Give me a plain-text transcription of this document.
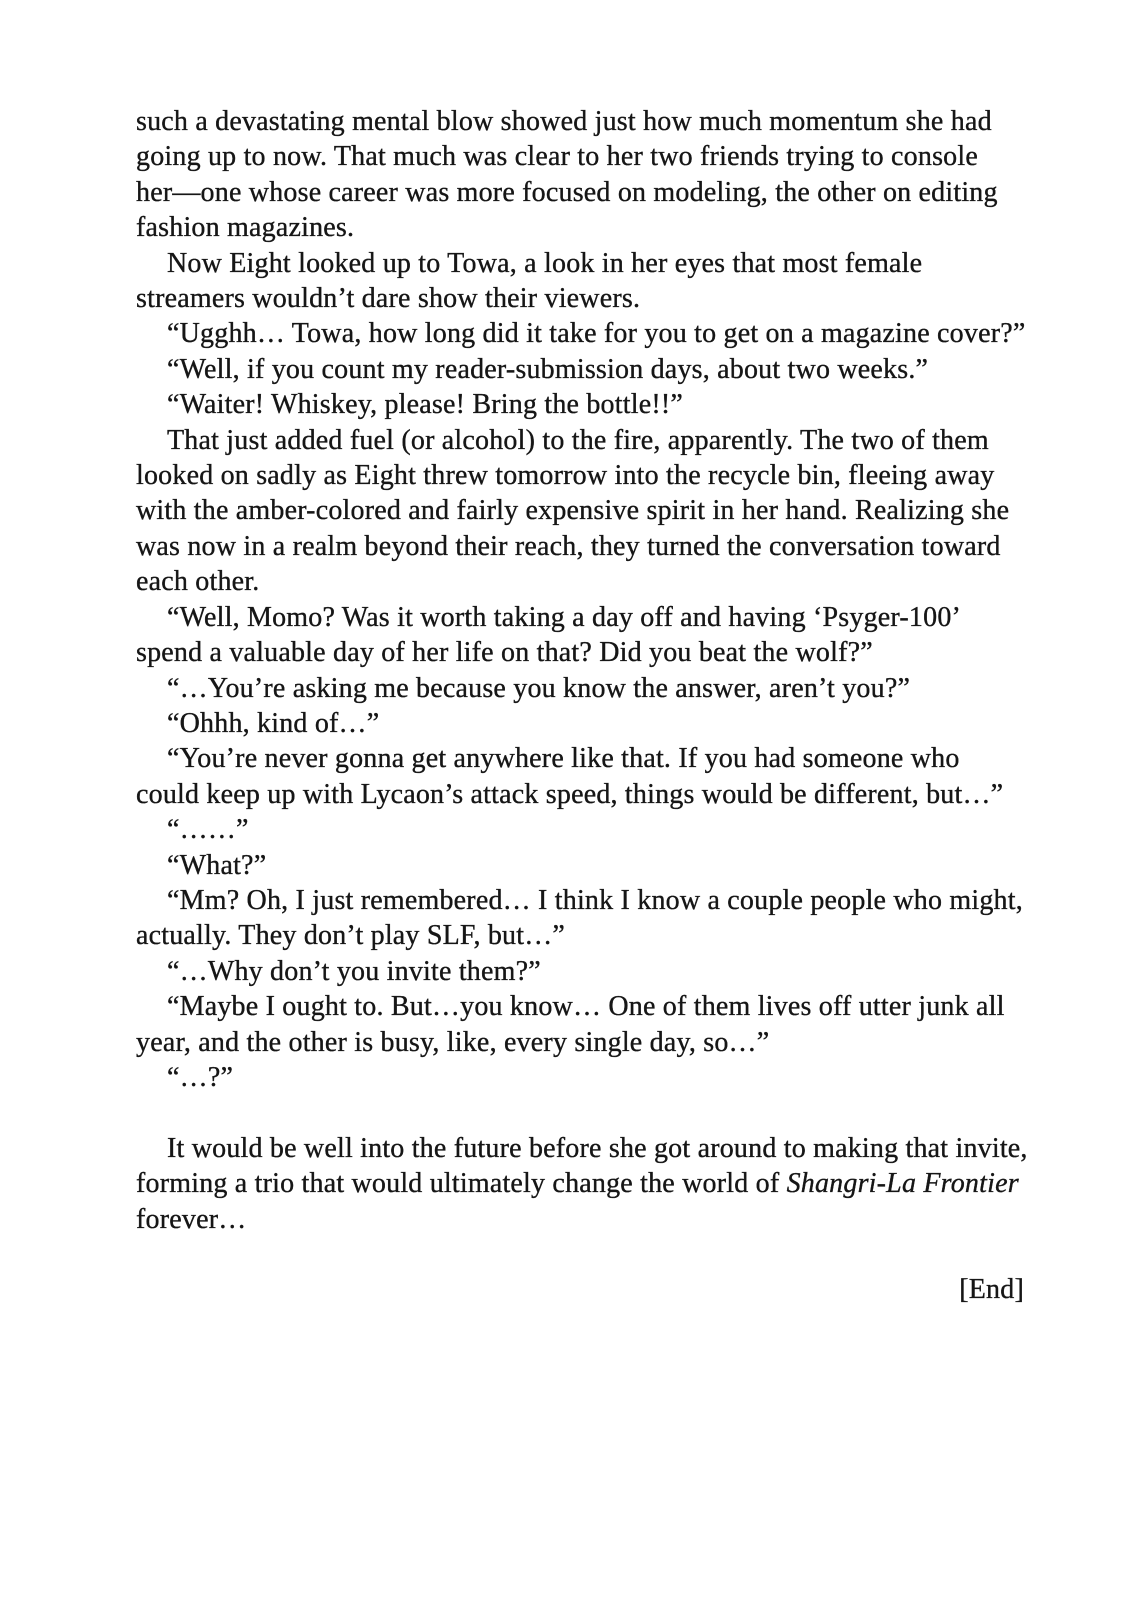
such a devastating mental blow showed just how much momentum she had
going up to now. That much was clear to her two friends trying to console
her—one whose career was more focused on modeling, the other on editing
fashion magazines.
Now Eight looked up to Towa, a look in her eyes that most female
streamers wouldn’t dare show their viewers.
“Ugghh… Towa, how long did it take for you to get on a magazine cover?”
“Well, if you count my reader-submission days, about two weeks.”
“Waiter! Whiskey, please! Bring the bottle!!”
That just added fuel (or alcohol) to the fire, apparently. The two of them
looked on sadly as Eight threw tomorrow into the recycle bin, fleeing away
with the amber-colored and fairly expensive spirit in her hand. Realizing she
was now in a realm beyond their reach, they turned the conversation toward
each other.
“Well, Momo? Was it worth taking a day off and having ‘Psyger-100’
spend a valuable day of her life on that? Did you beat the wolf?”
“…You’re asking me because you know the answer, aren’t you?”
“Ohhh, kind of…”
“You’re never gonna get anywhere like that. If you had someone who
could keep up with Lycaon’s attack speed, things would be different, but…”
“……”
“What?”
“Mm? Oh, I just remembered… I think I know a couple people who might,
actually. They don’t play SLF, but…”
“…Why don’t you invite them?”
“Maybe I ought to. But…you know… One of them lives off utter junk all
year, and the other is busy, like, every single day, so…”
“…?”
It would be well into the future before she got around to making that invite,
forming a trio that would ultimately change the world of Shangri-La Frontier
forever…
[End]
